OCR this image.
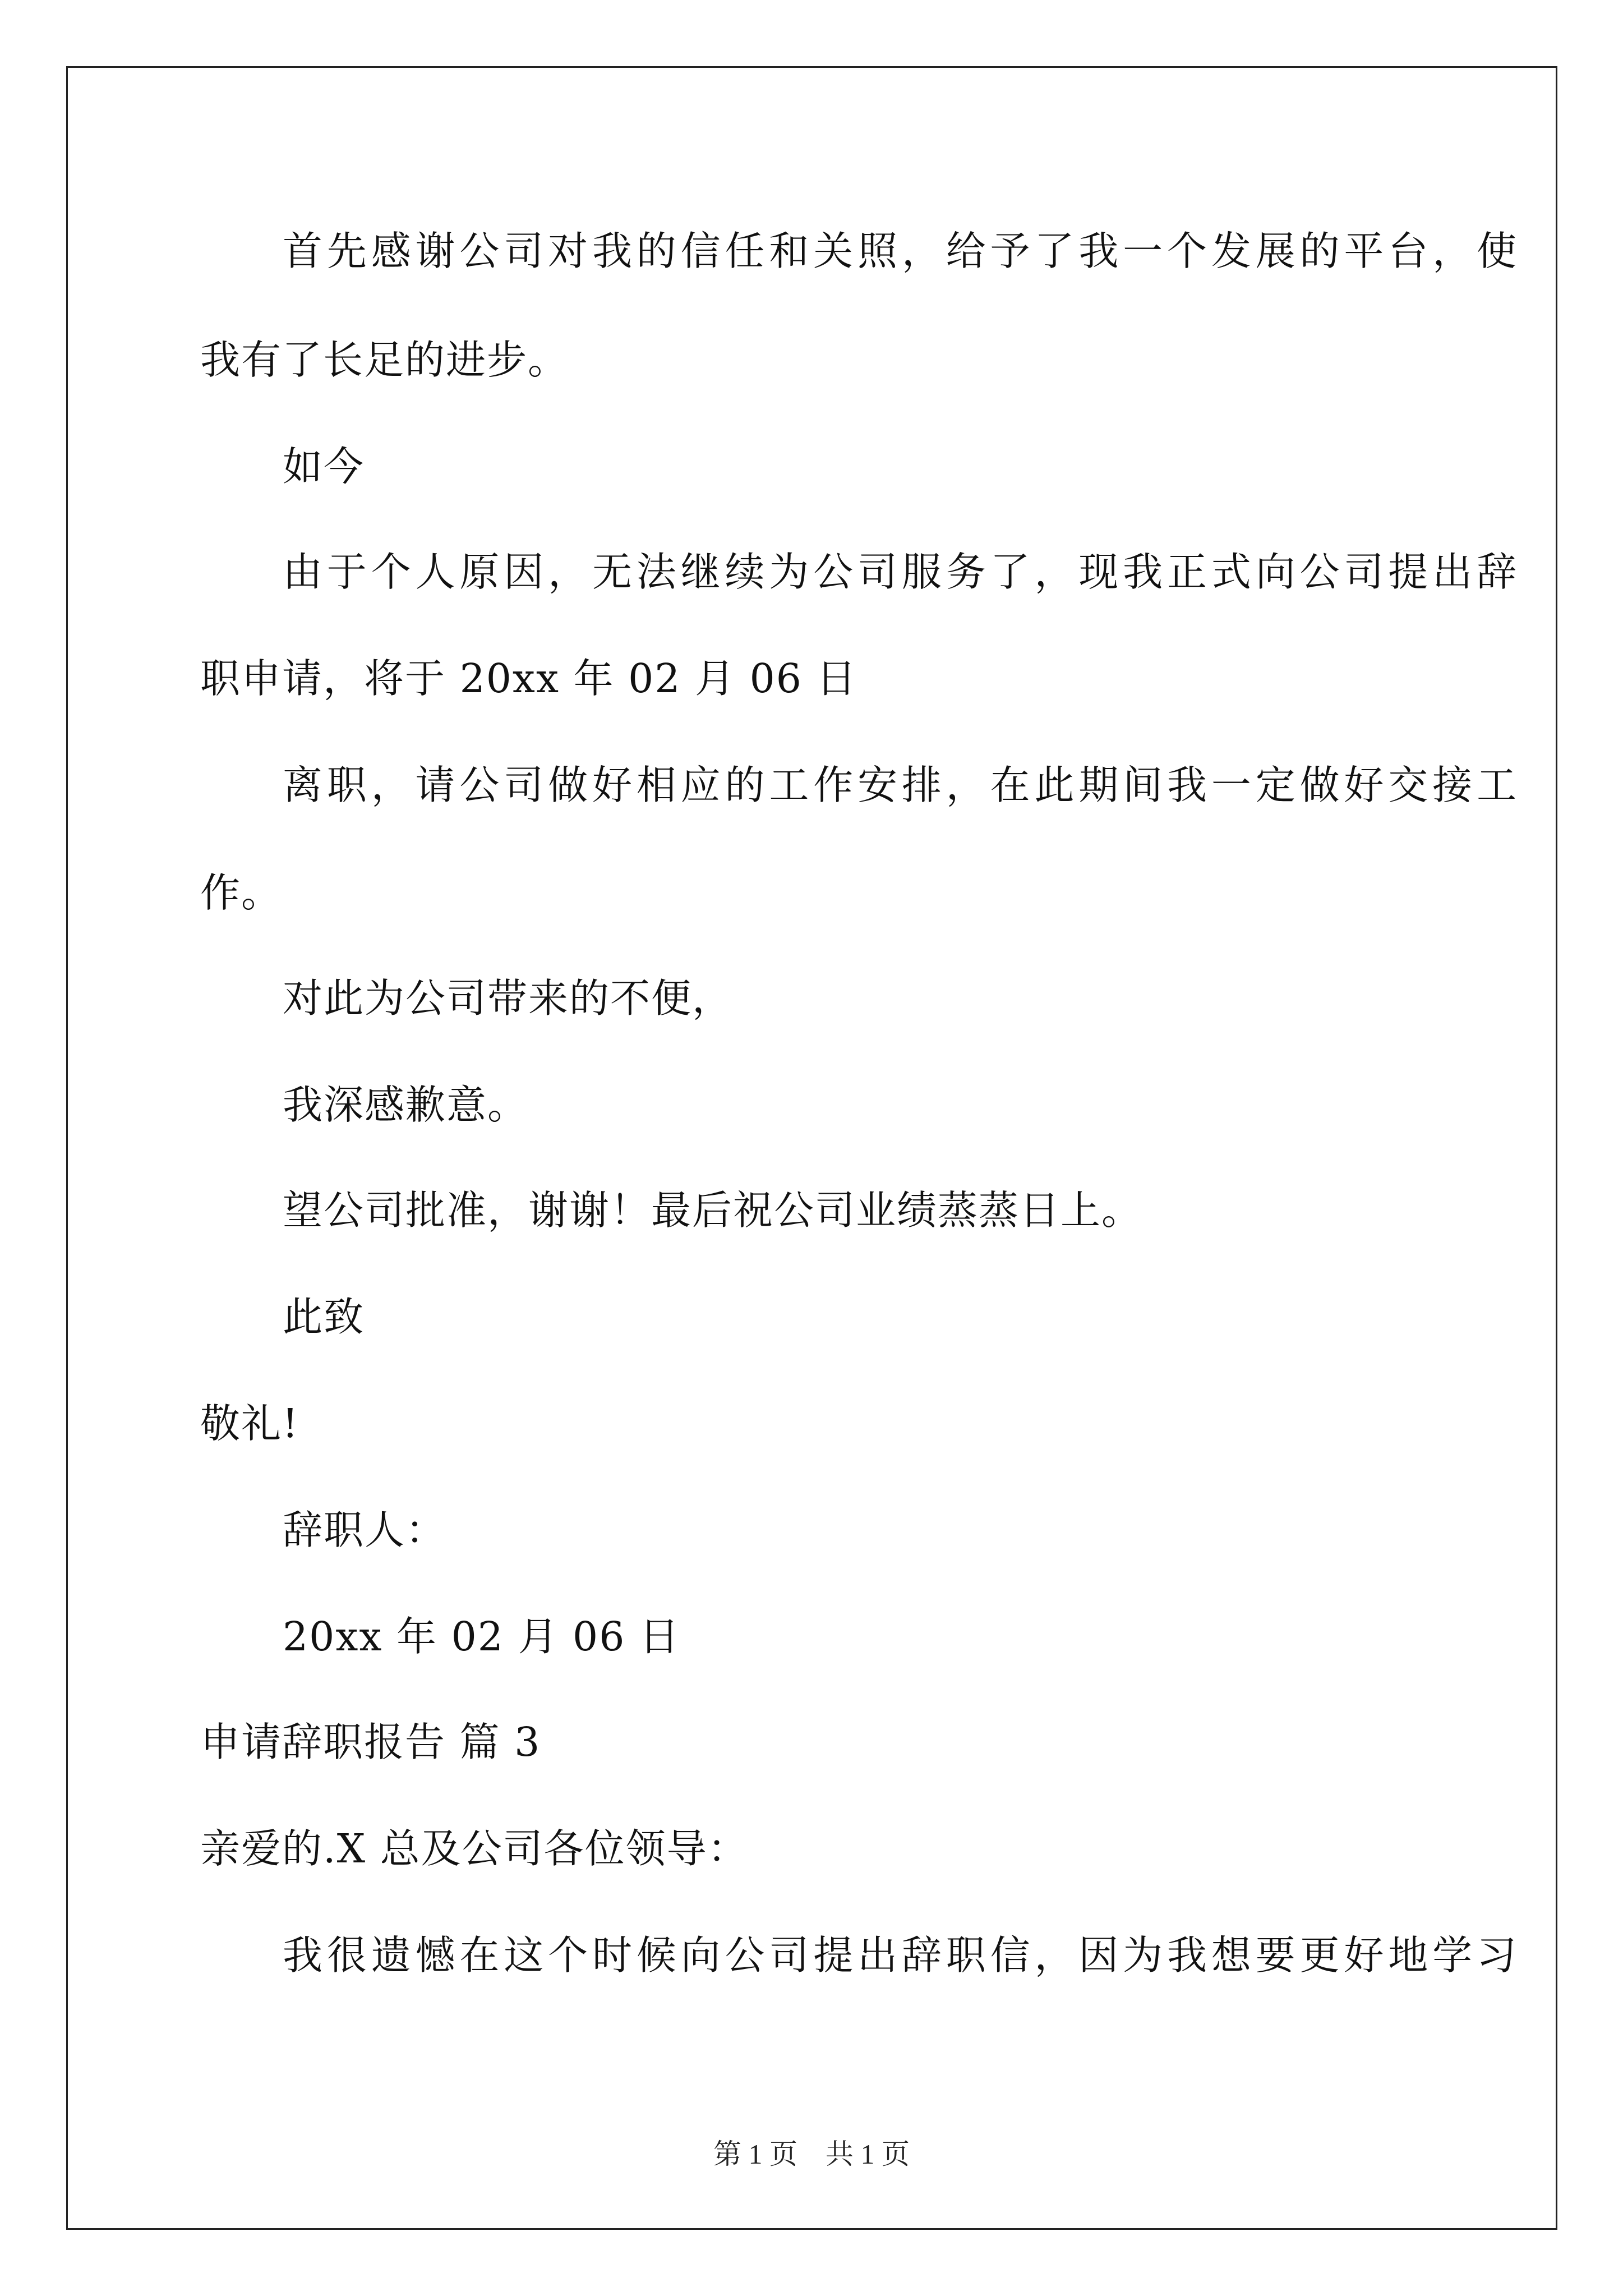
首先感谢公司对我的信任和关照，给予了我一个发展的平台，使
我有了长足的进步。
如今
由于个人原因，无法继续为公司服务了，现我正式向公司提出辞
职申请，将于 20xx 年 02 月 06 日
离职，请公司做好相应的工作安排，在此期间我一定做好交接工
作。
对此为公司带来的不便，
我深感歉意。
望公司批准，谢谢！最后祝公司业绩蒸蒸日上。
此致
敬礼!
辞职人：
20xx 年 02 月 06 日
申请辞职报告 篇 3
亲爱的.X 总及公司各位领导：
我很遗憾在这个时候向公司提出辞职信，因为我想要更好地学习
第 1 页 共 1 页
